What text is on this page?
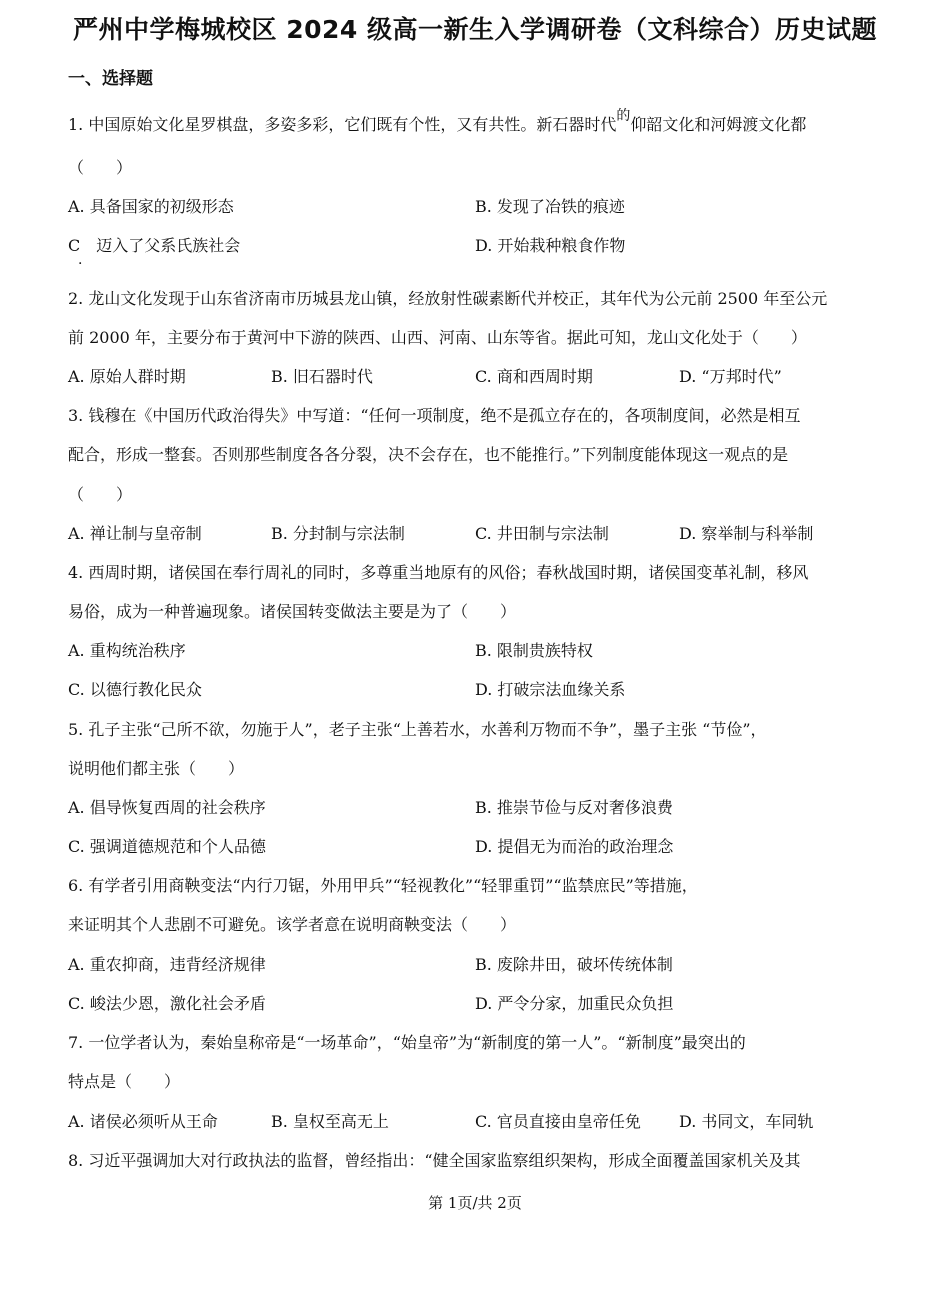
严州中学梅城校区 2024 级高一新生入学调研卷（文科综合）历史试题
一、选择题
1. 中国原始文化星罗棋盘，多姿多彩，它们既有个性，又有共性。新石器时代的仰韶文化和河姆渡文化都
（　　）
A. 具备国家的初级形态	B. 发现了冶铁的痕迹
C　迈入了父系氏族社会	D. 开始栽种粮食作物
·
2. 龙山文化发现于山东省济南市历城县龙山镇，经放射性碳素断代并校正，其年代为公元前 2500 年至公元
前 2000 年，主要分布于黄河中下游的陕西、山西、河南、山东等省。据此可知，龙山文化处于（　　）
A. 原始人群时期	B. 旧石器时代	C. 商和西周时期	D. “万邦时代”
3. 钱穆在《中国历代政治得失》中写道：“任何一项制度，绝不是孤立存在的，各项制度间，必然是相互
配合，形成一整套。否则那些制度各各分裂，决不会存在，也不能推行。”下列制度能体现这一观点的是
（　　）
A. 禅让制与皇帝制	B. 分封制与宗法制	C. 井田制与宗法制	D. 察举制与科举制
4. 西周时期，诸侯国在奉行周礼的同时，多尊重当地原有的风俗；春秋战国时期，诸侯国变革礼制，移风
易俗，成为一种普遍现象。诸侯国转变做法主要是为了（　　）
A. 重构统治秩序	B. 限制贵族特权
C. 以德行教化民众	D. 打破宗法血缘关系
5. 孔子主张“己所不欲，勿施于人”，老子主张“上善若水，水善利万物而不争”，墨子主张 “节俭”，
说明他们都主张（　　）
A. 倡导恢复西周的社会秩序	B. 推崇节俭与反对奢侈浪费
C. 强调道德规范和个人品德	D. 提倡无为而治的政治理念
6. 有学者引用商鞅变法“内行刀锯，外用甲兵”“轻视教化”“轻罪重罚”“监禁庶民”等措施，
来证明其个人悲剧不可避免。该学者意在说明商鞅变法（　　）
A. 重农抑商，违背经济规律	B. 废除井田，破坏传统体制
C. 峻法少恩，激化社会矛盾	D. 严令分家，加重民众负担
7. 一位学者认为，秦始皇称帝是“一场革命”，“始皇帝”为“新制度的第一人”。“新制度”最突出的
特点是（　　）
A. 诸侯必须听从王命	B. 皇权至高无上	C. 官员直接由皇帝任免 D. 书同文，车同轨
8. 习近平强调加大对行政执法的监督，曾经指出：“健全国家监察组织架构，形成全面覆盖国家机关及其
第 1页/共 2页
